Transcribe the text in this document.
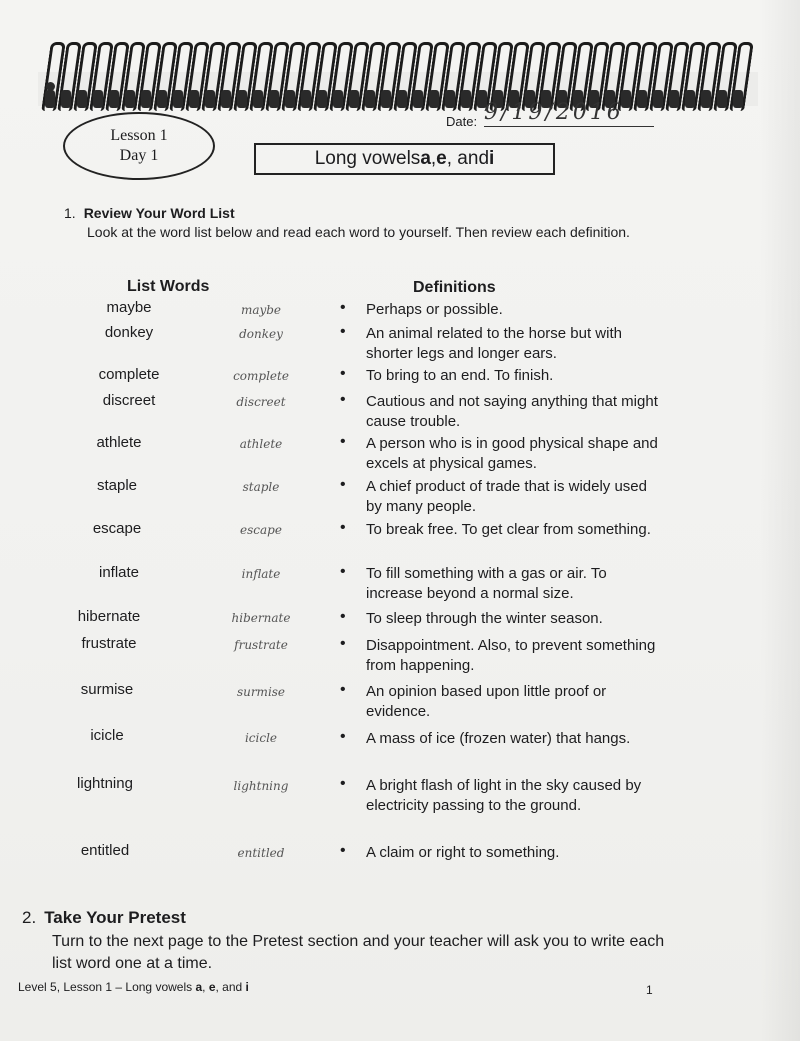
Lesson 1
Day 1
Date: 9/19/2016
Long vowels a , e , and i
1. Review Your Word List
Look at the word list below and read each word to yourself. Then review each definition.
List Words	Definitions
maybe	maybe	• Perhaps or possible.
donkey	donkey	• An animal related to the horse but with shorter legs and longer ears.
complete	complete	• To bring to an end. To finish.
discreet	discreet	• Cautious and not saying anything that might cause trouble.
athlete	athlete	• A person who is in good physical shape and excels at physical games.
staple	staple	• A chief product of trade that is widely used by many people.
escape	escape	• To break free. To get clear from something.
inflate	inflate	• To fill something with a gas or air. To increase beyond a normal size.
hibernate	hibernate	• To sleep through the winter season.
frustrate	frustrate	• Disappointment. Also, to prevent something from happening.
surmise	surmise	• An opinion based upon little proof or evidence.
icicle	icicle	• A mass of ice (frozen water) that hangs.
lightning	lightning	• A bright flash of light in the sky caused by electricity passing to the ground.
entitled	entitled	• A claim or right to something.
2. Take Your Pretest
Turn to the next page to the Pretest section and your teacher will ask you to write each list word one at a time.
Level 5, Lesson 1 – Long vowels a, e, and i	1
